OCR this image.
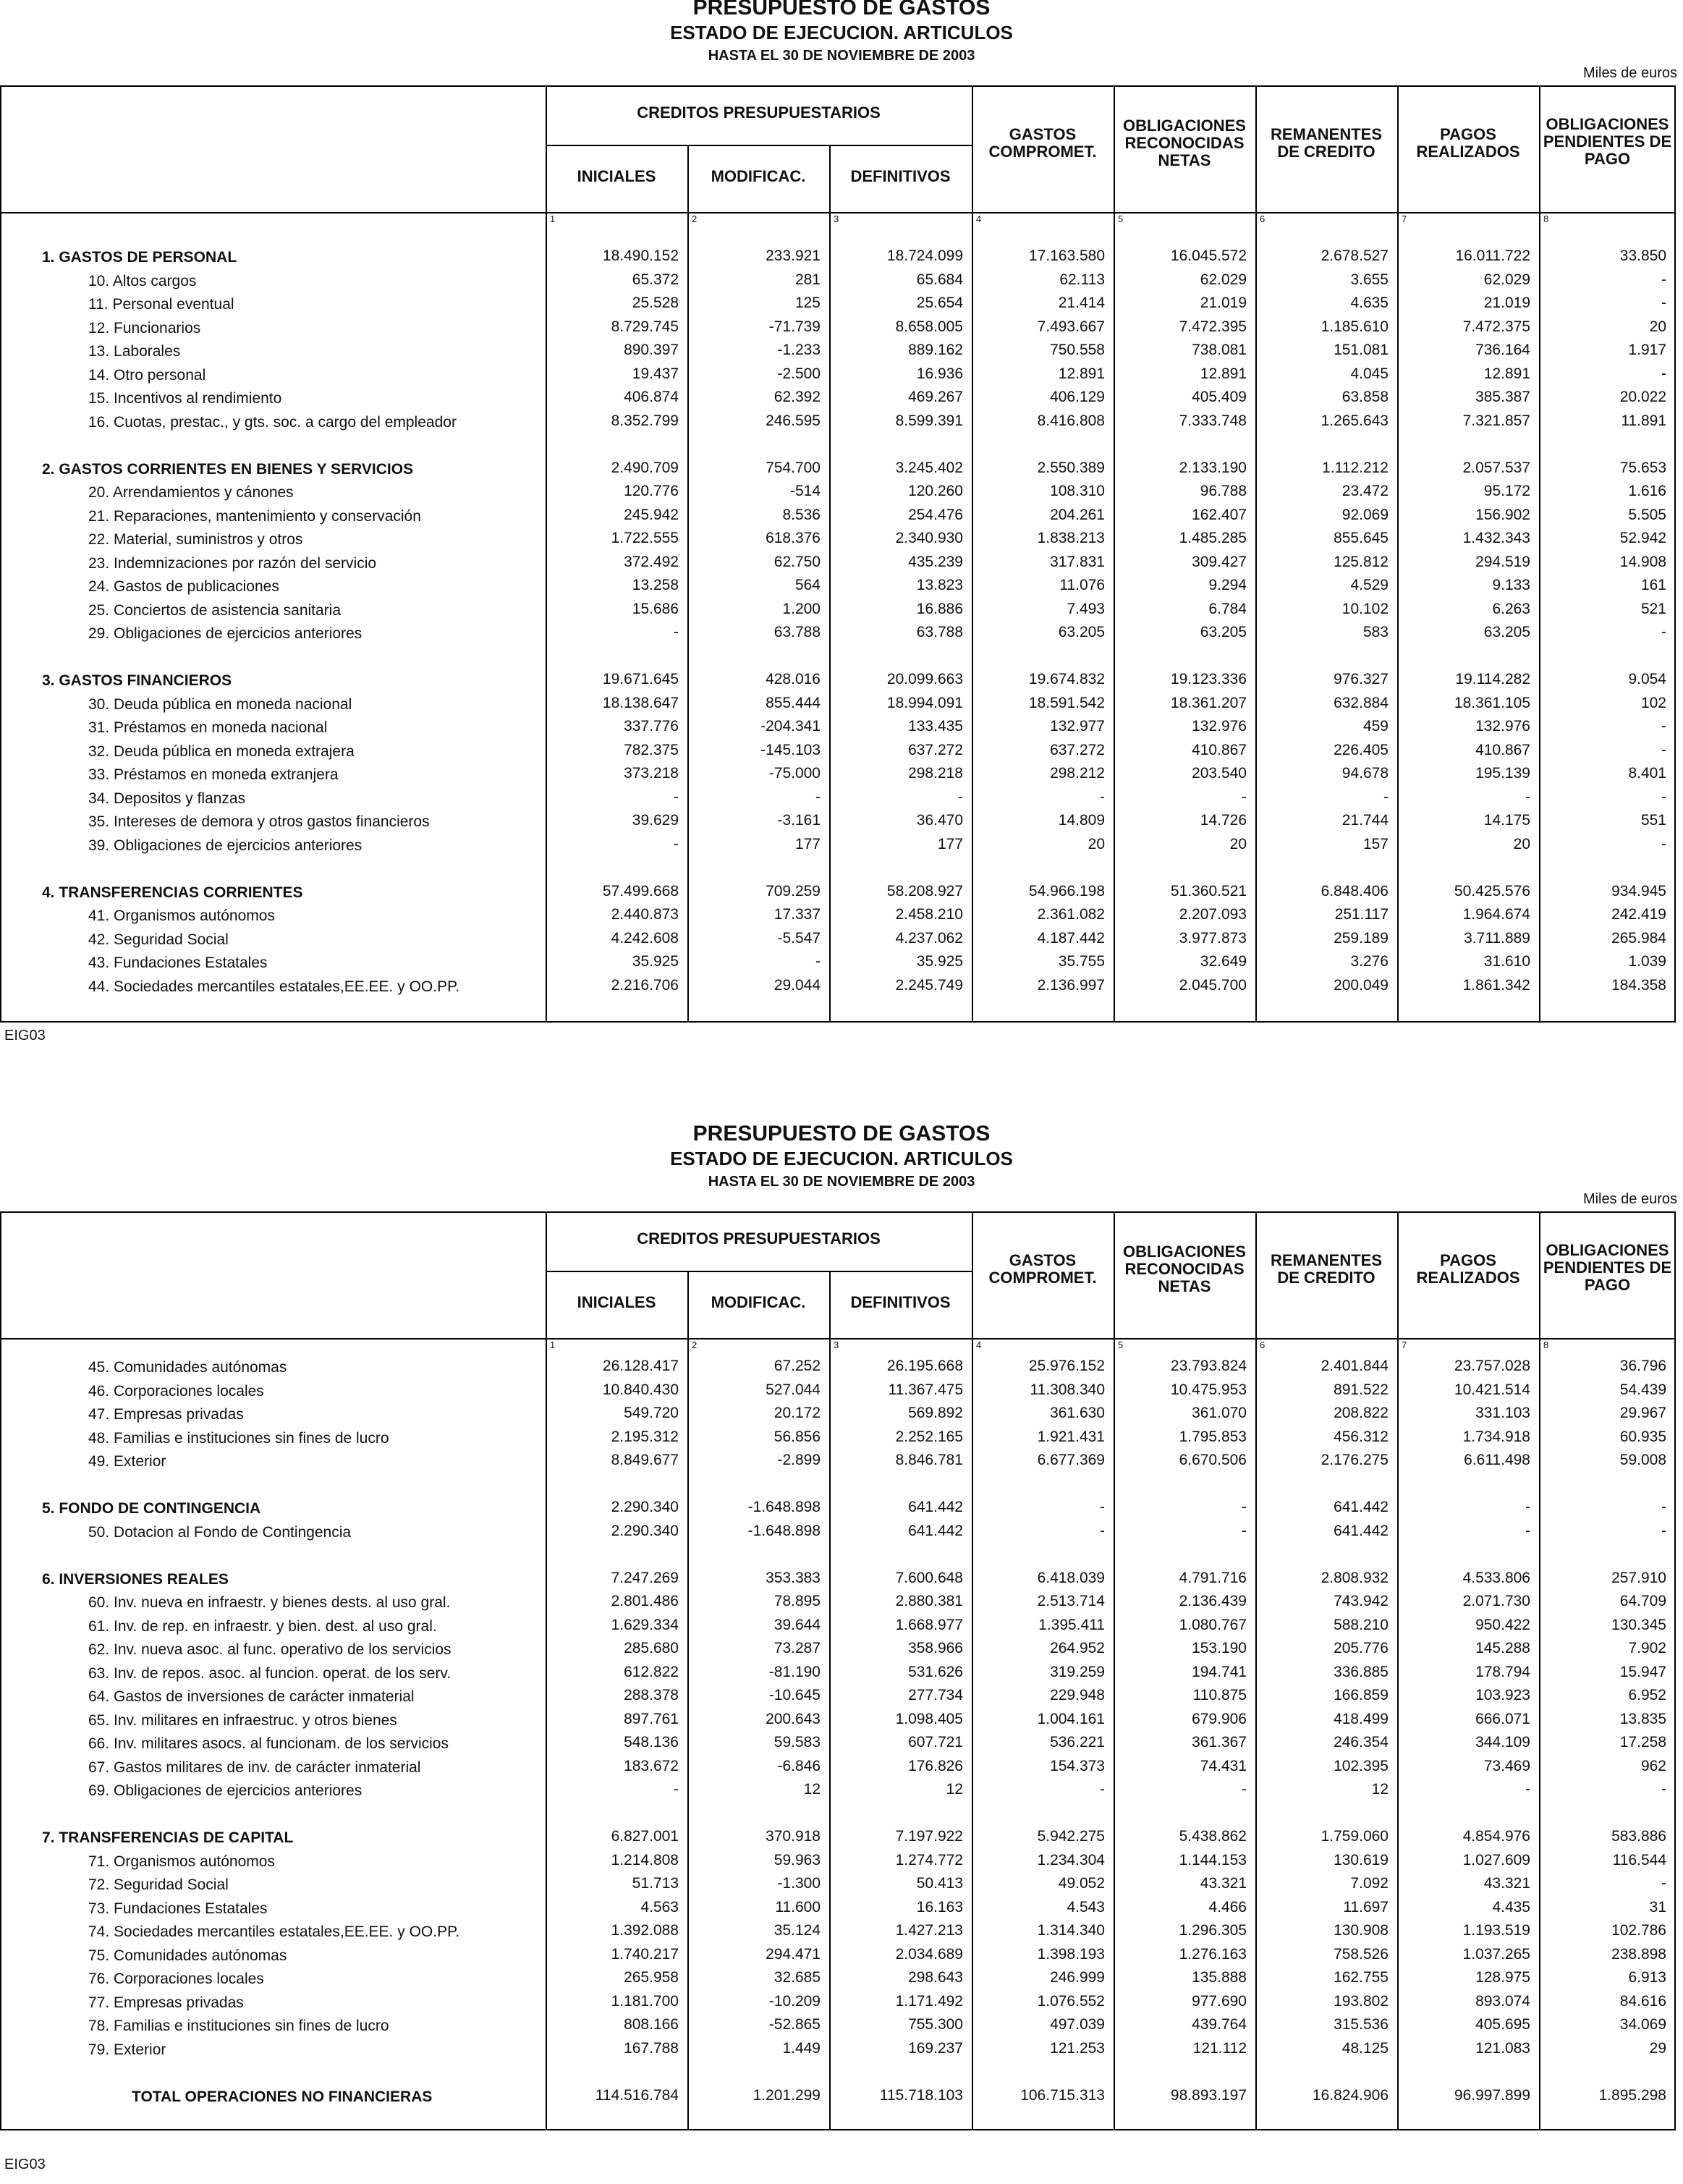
PRESUPUESTO DE GASTOS
ESTADO DE EJECUCION. ARTICULOS
HASTA EL 30 DE NOVIEMBRE DE 2003
Miles de euros
CREDITOS PRESUPUESTARIOS
INICIALES	MODIFICAC.	DEFINITIVOS
GASTOS
COMPROMET.
OBLIGACIONES
RECONOCIDAS
NETAS
REMANENTES
DE CREDITO
PAGOS
REALIZADOS
OBLIGACIONES
PENDIENTES DE
PAGO
1	2	3	4	5	6	7	8
1. GASTOS DE PERSONAL	18.490.152	233.921	18.724.099	17.163.580	16.045.572	2.678.527	16.011.722	33.850
10. Altos cargos	65.372	281	65.684	62.113	62.029	3.655	62.029	-
11. Personal eventual	25.528	125	25.654	21.414	21.019	4.635	21.019	-
12. Funcionarios	8.729.745	-71.739	8.658.005	7.493.667	7.472.395	1.185.610	7.472.375	20
13. Laborales	890.397	-1.233	889.162	750.558	738.081	151.081	736.164	1.917
14. Otro personal	19.437	-2.500	16.936	12.891	12.891	4.045	12.891	-
15. Incentivos al rendimiento	406.874	62.392	469.267	406.129	405.409	63.858	385.387	20.022
16. Cuotas, prestac., y gts. soc. a cargo del empleador	8.352.799	246.595	8.599.391	8.416.808	7.333.748	1.265.643	7.321.857	11.891
2. GASTOS CORRIENTES EN BIENES Y SERVICIOS	2.490.709	754.700	3.245.402	2.550.389	2.133.190	1.112.212	2.057.537	75.653
20. Arrendamientos y cánones	120.776	-514	120.260	108.310	96.788	23.472	95.172	1.616
21. Reparaciones, mantenimiento y conservación	245.942	8.536	254.476	204.261	162.407	92.069	156.902	5.505
22. Material, suministros y otros	1.722.555	618.376	2.340.930	1.838.213	1.485.285	855.645	1.432.343	52.942
23. Indemnizaciones por razón del servicio	372.492	62.750	435.239	317.831	309.427	125.812	294.519	14.908
24. Gastos de publicaciones	13.258	564	13.823	11.076	9.294	4.529	9.133	161
25. Conciertos de asistencia sanitaria	15.686	1.200	16.886	7.493	6.784	10.102	6.263	521
29. Obligaciones de ejercicios anteriores	-	63.788	63.788	63.205	63.205	583	63.205	-
3. GASTOS FINANCIEROS	19.671.645	428.016	20.099.663	19.674.832	19.123.336	976.327	19.114.282	9.054
30. Deuda pública en moneda nacional	18.138.647	855.444	18.994.091	18.591.542	18.361.207	632.884	18.361.105	102
31. Préstamos en moneda nacional	337.776	-204.341	133.435	132.977	132.976	459	132.976	-
32. Deuda pública en moneda extrajera	782.375	-145.103	637.272	637.272	410.867	226.405	410.867	-
33. Préstamos en moneda extranjera	373.218	-75.000	298.218	298.212	203.540	94.678	195.139	8.401
34. Depositos y flanzas	-	-	-	-	-	-	-	-
35. Intereses de demora y otros gastos financieros	39.629	-3.161	36.470	14.809	14.726	21.744	14.175	551
39. Obligaciones de ejercicios anteriores	-	177	177	20	20	157	20	-
4. TRANSFERENCIAS CORRIENTES	57.499.668	709.259	58.208.927	54.966.198	51.360.521	6.848.406	50.425.576	934.945
41. Organismos autónomos	2.440.873	17.337	2.458.210	2.361.082	2.207.093	251.117	1.964.674	242.419
42. Seguridad Social	4.242.608	-5.547	4.237.062	4.187.442	3.977.873	259.189	3.711.889	265.984
43. Fundaciones Estatales	35.925	-	35.925	35.755	32.649	3.276	31.610	1.039
44. Sociedades mercantiles estatales,EE.EE. y OO.PP.	2.216.706	29.044	2.245.749	2.136.997	2.045.700	200.049	1.861.342	184.358
EIG03
PRESUPUESTO DE GASTOS
ESTADO DE EJECUCION. ARTICULOS
HASTA EL 30 DE NOVIEMBRE DE 2003
Miles de euros
CREDITOS PRESUPUESTARIOS
INICIALES	MODIFICAC.	DEFINITIVOS
GASTOS
COMPROMET.
OBLIGACIONES
RECONOCIDAS
NETAS
REMANENTES
DE CREDITO
PAGOS
REALIZADOS
OBLIGACIONES
PENDIENTES DE
PAGO
1	2	3	4	5	6	7	8
45. Comunidades autónomas	26.128.417	67.252	26.195.668	25.976.152	23.793.824	2.401.844	23.757.028	36.796
46. Corporaciones locales	10.840.430	527.044	11.367.475	11.308.340	10.475.953	891.522	10.421.514	54.439
47. Empresas privadas	549.720	20.172	569.892	361.630	361.070	208.822	331.103	29.967
48. Familias e instituciones sin fines de lucro	2.195.312	56.856	2.252.165	1.921.431	1.795.853	456.312	1.734.918	60.935
49. Exterior	8.849.677	-2.899	8.846.781	6.677.369	6.670.506	2.176.275	6.611.498	59.008
5. FONDO DE CONTINGENCIA	2.290.340	-1.648.898	641.442	-	-	641.442	-	-
50. Dotacion al Fondo de Contingencia	2.290.340	-1.648.898	641.442	-	-	641.442	-	-
6. INVERSIONES REALES	7.247.269	353.383	7.600.648	6.418.039	4.791.716	2.808.932	4.533.806	257.910
60. Inv. nueva en infraestr. y bienes dests. al uso gral.	2.801.486	78.895	2.880.381	2.513.714	2.136.439	743.942	2.071.730	64.709
61. Inv. de rep. en infraestr. y bien. dest. al uso gral.	1.629.334	39.644	1.668.977	1.395.411	1.080.767	588.210	950.422	130.345
62. Inv. nueva asoc. al func. operativo de los servicios	285.680	73.287	358.966	264.952	153.190	205.776	145.288	7.902
63. Inv. de repos. asoc. al funcion. operat. de los serv.	612.822	-81.190	531.626	319.259	194.741	336.885	178.794	15.947
64. Gastos de inversiones de carácter inmaterial	288.378	-10.645	277.734	229.948	110.875	166.859	103.923	6.952
65. Inv. militares en infraestruc. y otros bienes	897.761	200.643	1.098.405	1.004.161	679.906	418.499	666.071	13.835
66. Inv. militares asocs. al funcionam. de los servicios	548.136	59.583	607.721	536.221	361.367	246.354	344.109	17.258
67. Gastos militares de inv. de carácter inmaterial	183.672	-6.846	176.826	154.373	74.431	102.395	73.469	962
69. Obligaciones de ejercicios anteriores	-	12	12	-	-	12	-	-
7. TRANSFERENCIAS DE CAPITAL	6.827.001	370.918	7.197.922	5.942.275	5.438.862	1.759.060	4.854.976	583.886
71. Organismos autónomos	1.214.808	59.963	1.274.772	1.234.304	1.144.153	130.619	1.027.609	116.544
72. Seguridad Social	51.713	-1.300	50.413	49.052	43.321	7.092	43.321	-
73. Fundaciones Estatales	4.563	11.600	16.163	4.543	4.466	11.697	4.435	31
74. Sociedades mercantiles estatales,EE.EE. y OO.PP.	1.392.088	35.124	1.427.213	1.314.340	1.296.305	130.908	1.193.519	102.786
75. Comunidades autónomas	1.740.217	294.471	2.034.689	1.398.193	1.276.163	758.526	1.037.265	238.898
76. Corporaciones locales	265.958	32.685	298.643	246.999	135.888	162.755	128.975	6.913
77. Empresas privadas	1.181.700	-10.209	1.171.492	1.076.552	977.690	193.802	893.074	84.616
78. Familias e instituciones sin fines de lucro	808.166	-52.865	755.300	497.039	439.764	315.536	405.695	34.069
79. Exterior	167.788	1.449	169.237	121.253	121.112	48.125	121.083	29
TOTAL OPERACIONES NO FINANCIERAS	114.516.784	1.201.299	115.718.103	106.715.313	98.893.197	16.824.906	96.997.899	1.895.298
EIG03
